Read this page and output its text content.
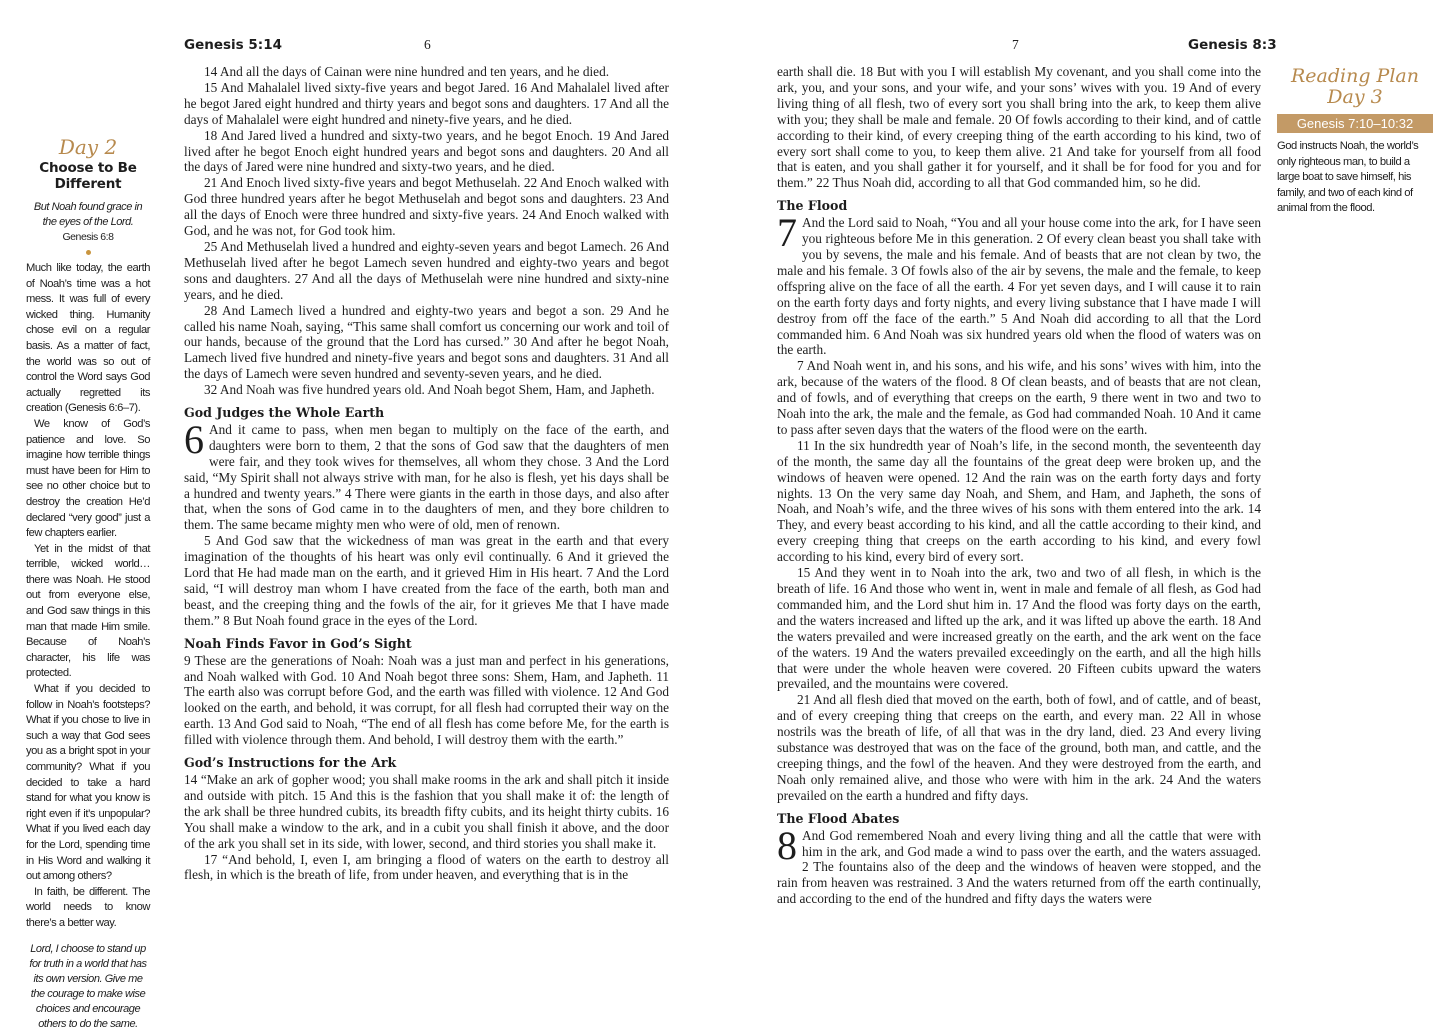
Genesis 5:14	6
Day 2
Choose to Be Different
But Noah found grace in the eyes of the Lord.
Genesis 6:8

Much like today, the earth of Noah’s time was a hot mess. It was full of every wicked thing. Humanity chose evil on a regular basis. As a matter of fact, the world was so out of control the Word says God actually regretted its creation (Genesis 6:6–7).

We know of God’s patience and love. So imagine how terrible things must have been for Him to see no other choice but to destroy the creation He’d declared “very good” just a few chapters earlier.

Yet in the midst of that terrible, wicked world…there was Noah. He stood out from everyone else, and God saw things in this man that made Him smile. Because of Noah’s character, his life was protected.

What if you decided to follow in Noah’s footsteps? What if you chose to live in such a way that God sees you as a bright spot in your community? What if you decided to take a hard stand for what you know is right even if it’s unpopular? What if you lived each day for the Lord, spending time in His Word and walking it out among others?

In faith, be different. The world needs to know there’s a better way.

Lord, I choose to stand up for truth in a world that has its own version. Give me the courage to make wise choices and encourage others to do the same.

14 And all the days of Cainan were nine hundred and ten years, and he died.

15 And Mahalalel lived sixty-five years and begot Jared. 16 And Mahalalel lived after he begot Jared eight hundred and thirty years and begot sons and daughters. 17 And all the days of Mahalalel were eight hundred and ninety-five years, and he died.

18 And Jared lived a hundred and sixty-two years, and he begot Enoch. 19 And Jared lived after he begot Enoch eight hundred years and begot sons and daughters. 20 And all the days of Jared were nine hundred and sixty-two years, and he died.

21 And Enoch lived sixty-five years and begot Methuselah. 22 And Enoch walked with God three hundred years after he begot Methuselah and begot sons and daughters. 23 And all the days of Enoch were three hundred and sixty-five years. 24 And Enoch walked with God, and he was not, for God took him.

25 And Methuselah lived a hundred and eighty-seven years and begot Lamech. 26 And Methuselah lived after he begot Lamech seven hundred and eighty-two years and begot sons and daughters. 27 And all the days of Methuselah were nine hundred and sixty-nine years, and he died.

28 And Lamech lived a hundred and eighty-two years and begot a son. 29 And he called his name Noah, saying, “This same shall comfort us concerning our work and toil of our hands, because of the ground that the Lord has cursed.” 30 And after he begot Noah, Lamech lived five hundred and ninety-five years and begot sons and daughters. 31 And all the days of Lamech were seven hundred and seventy-seven years, and he died.

32 And Noah was five hundred years old. And Noah begot Shem, Ham, and Japheth.

God Judges the Whole Earth

6 And it came to pass, when men began to multiply on the face of the earth, and daughters were born to them, 2 that the sons of God saw that the daughters of men were fair, and they took wives for themselves, all whom they chose. 3 And the Lord said, “My Spirit shall not always strive with man, for he also is flesh, yet his days shall be a hundred and twenty years.” 4 There were giants in the earth in those days, and also after that, when the sons of God came in to the daughters of men, and they bore children to them. The same became mighty men who were of old, men of renown.

5 And God saw that the wickedness of man was great in the earth and that every imagination of the thoughts of his heart was only evil continually. 6 And it grieved the Lord that He had made man on the earth, and it grieved Him in His heart. 7 And the Lord said, “I will destroy man whom I have created from the face of the earth, both man and beast, and the creeping thing and the fowls of the air, for it grieves Me that I have made them.” 8 But Noah found grace in the eyes of the Lord.

Noah Finds Favor in God’s Sight

9 These are the generations of Noah: Noah was a just man and perfect in his generations, and Noah walked with God. 10 And Noah begot three sons: Shem, Ham, and Japheth. 11 The earth also was corrupt before God, and the earth was filled with violence. 12 And God looked on the earth, and behold, it was corrupt, for all flesh had corrupted their way on the earth. 13 And God said to Noah, “The end of all flesh has come before Me, for the earth is filled with violence through them. And behold, I will destroy them with the earth.”

God’s Instructions for the Ark

14 “Make an ark of gopher wood; you shall make rooms in the ark and shall pitch it inside and outside with pitch. 15 And this is the fashion that you shall make it of: the length of the ark shall be three hundred cubits, its breadth fifty cubits, and its height thirty cubits. 16 You shall make a window to the ark, and in a cubit you shall finish it above, and the door of the ark you shall set in its side, with lower, second, and third stories you shall make it.

17 “And behold, I, even I, am bringing a flood of waters on the earth to destroy all flesh, in which is the breath of life, from under heaven, and everything that is in the

7	Genesis 8:3

earth shall die. 18 But with you I will establish My covenant, and you shall come into the ark, you, and your sons, and your wife, and your sons’ wives with you. 19 And of every living thing of all flesh, two of every sort you shall bring into the ark, to keep them alive with you; they shall be male and female. 20 Of fowls according to their kind, and of cattle according to their kind, of every creeping thing of the earth according to his kind, two of every sort shall come to you, to keep them alive. 21 And take for yourself from all food that is eaten, and you shall gather it for yourself, and it shall be for food for you and for them.” 22 Thus Noah did, according to all that God commanded him, so he did.

The Flood

7 And the Lord said to Noah, “You and all your house come into the ark, for I have seen you righteous before Me in this generation. 2 Of every clean beast you shall take with you by sevens, the male and his female. And of beasts that are not clean by two, the male and his female. 3 Of fowls also of the air by sevens, the male and the female, to keep offspring alive on the face of all the earth. 4 For yet seven days, and I will cause it to rain on the earth forty days and forty nights, and every living substance that I have made I will destroy from off the face of the earth.” 5 And Noah did according to all that the Lord commanded him. 6 And Noah was six hundred years old when the flood of waters was on the earth.

7 And Noah went in, and his sons, and his wife, and his sons’ wives with him, into the ark, because of the waters of the flood. 8 Of clean beasts, and of beasts that are not clean, and of fowls, and of everything that creeps on the earth, 9 there went in two and two to Noah into the ark, the male and the female, as God had commanded Noah. 10 And it came to pass after seven days that the waters of the flood were on the earth.

11 In the six hundredth year of Noah’s life, in the second month, the seventeenth day of the month, the same day all the fountains of the great deep were broken up, and the windows of heaven were opened. 12 And the rain was on the earth forty days and forty nights. 13 On the very same day Noah, and Shem, and Ham, and Japheth, the sons of Noah, and Noah’s wife, and the three wives of his sons with them entered into the ark. 14 They, and every beast according to his kind, and all the cattle according to their kind, and every creeping thing that creeps on the earth according to his kind, and every fowl according to his kind, every bird of every sort.

15 And they went in to Noah into the ark, two and two of all flesh, in which is the breath of life. 16 And those who went in, went in male and female of all flesh, as God had commanded him, and the Lord shut him in. 17 And the flood was forty days on the earth, and the waters increased and lifted up the ark, and it was lifted up above the earth. 18 And the waters prevailed and were increased greatly on the earth, and the ark went on the face of the waters. 19 And the waters prevailed exceedingly on the earth, and all the high hills that were under the whole heaven were covered. 20 Fifteen cubits upward the waters prevailed, and the mountains were covered.

21 And all flesh died that moved on the earth, both of fowl, and of cattle, and of beast, and of every creeping thing that creeps on the earth, and every man. 22 All in whose nostrils was the breath of life, of all that was in the dry land, died. 23 And every living substance was destroyed that was on the face of the ground, both man, and cattle, and the creeping things, and the fowl of the heaven. And they were destroyed from the earth, and Noah only remained alive, and those who were with him in the ark. 24 And the waters prevailed on the earth a hundred and fifty days.

The Flood Abates

8 And God remembered Noah and every living thing and all the cattle that were with him in the ark, and God made a wind to pass over the earth, and the waters assuaged. 2 The fountains also of the deep and the windows of heaven were stopped, and the rain from heaven was restrained. 3 And the waters returned from off the earth continually, and according to the end of the hundred and fifty days the waters were

Reading Plan
Day 3
Genesis 7:10–10:32
God instructs Noah, the world’s only righteous man, to build a large boat to save himself, his family, and two of each kind of animal from the flood.
